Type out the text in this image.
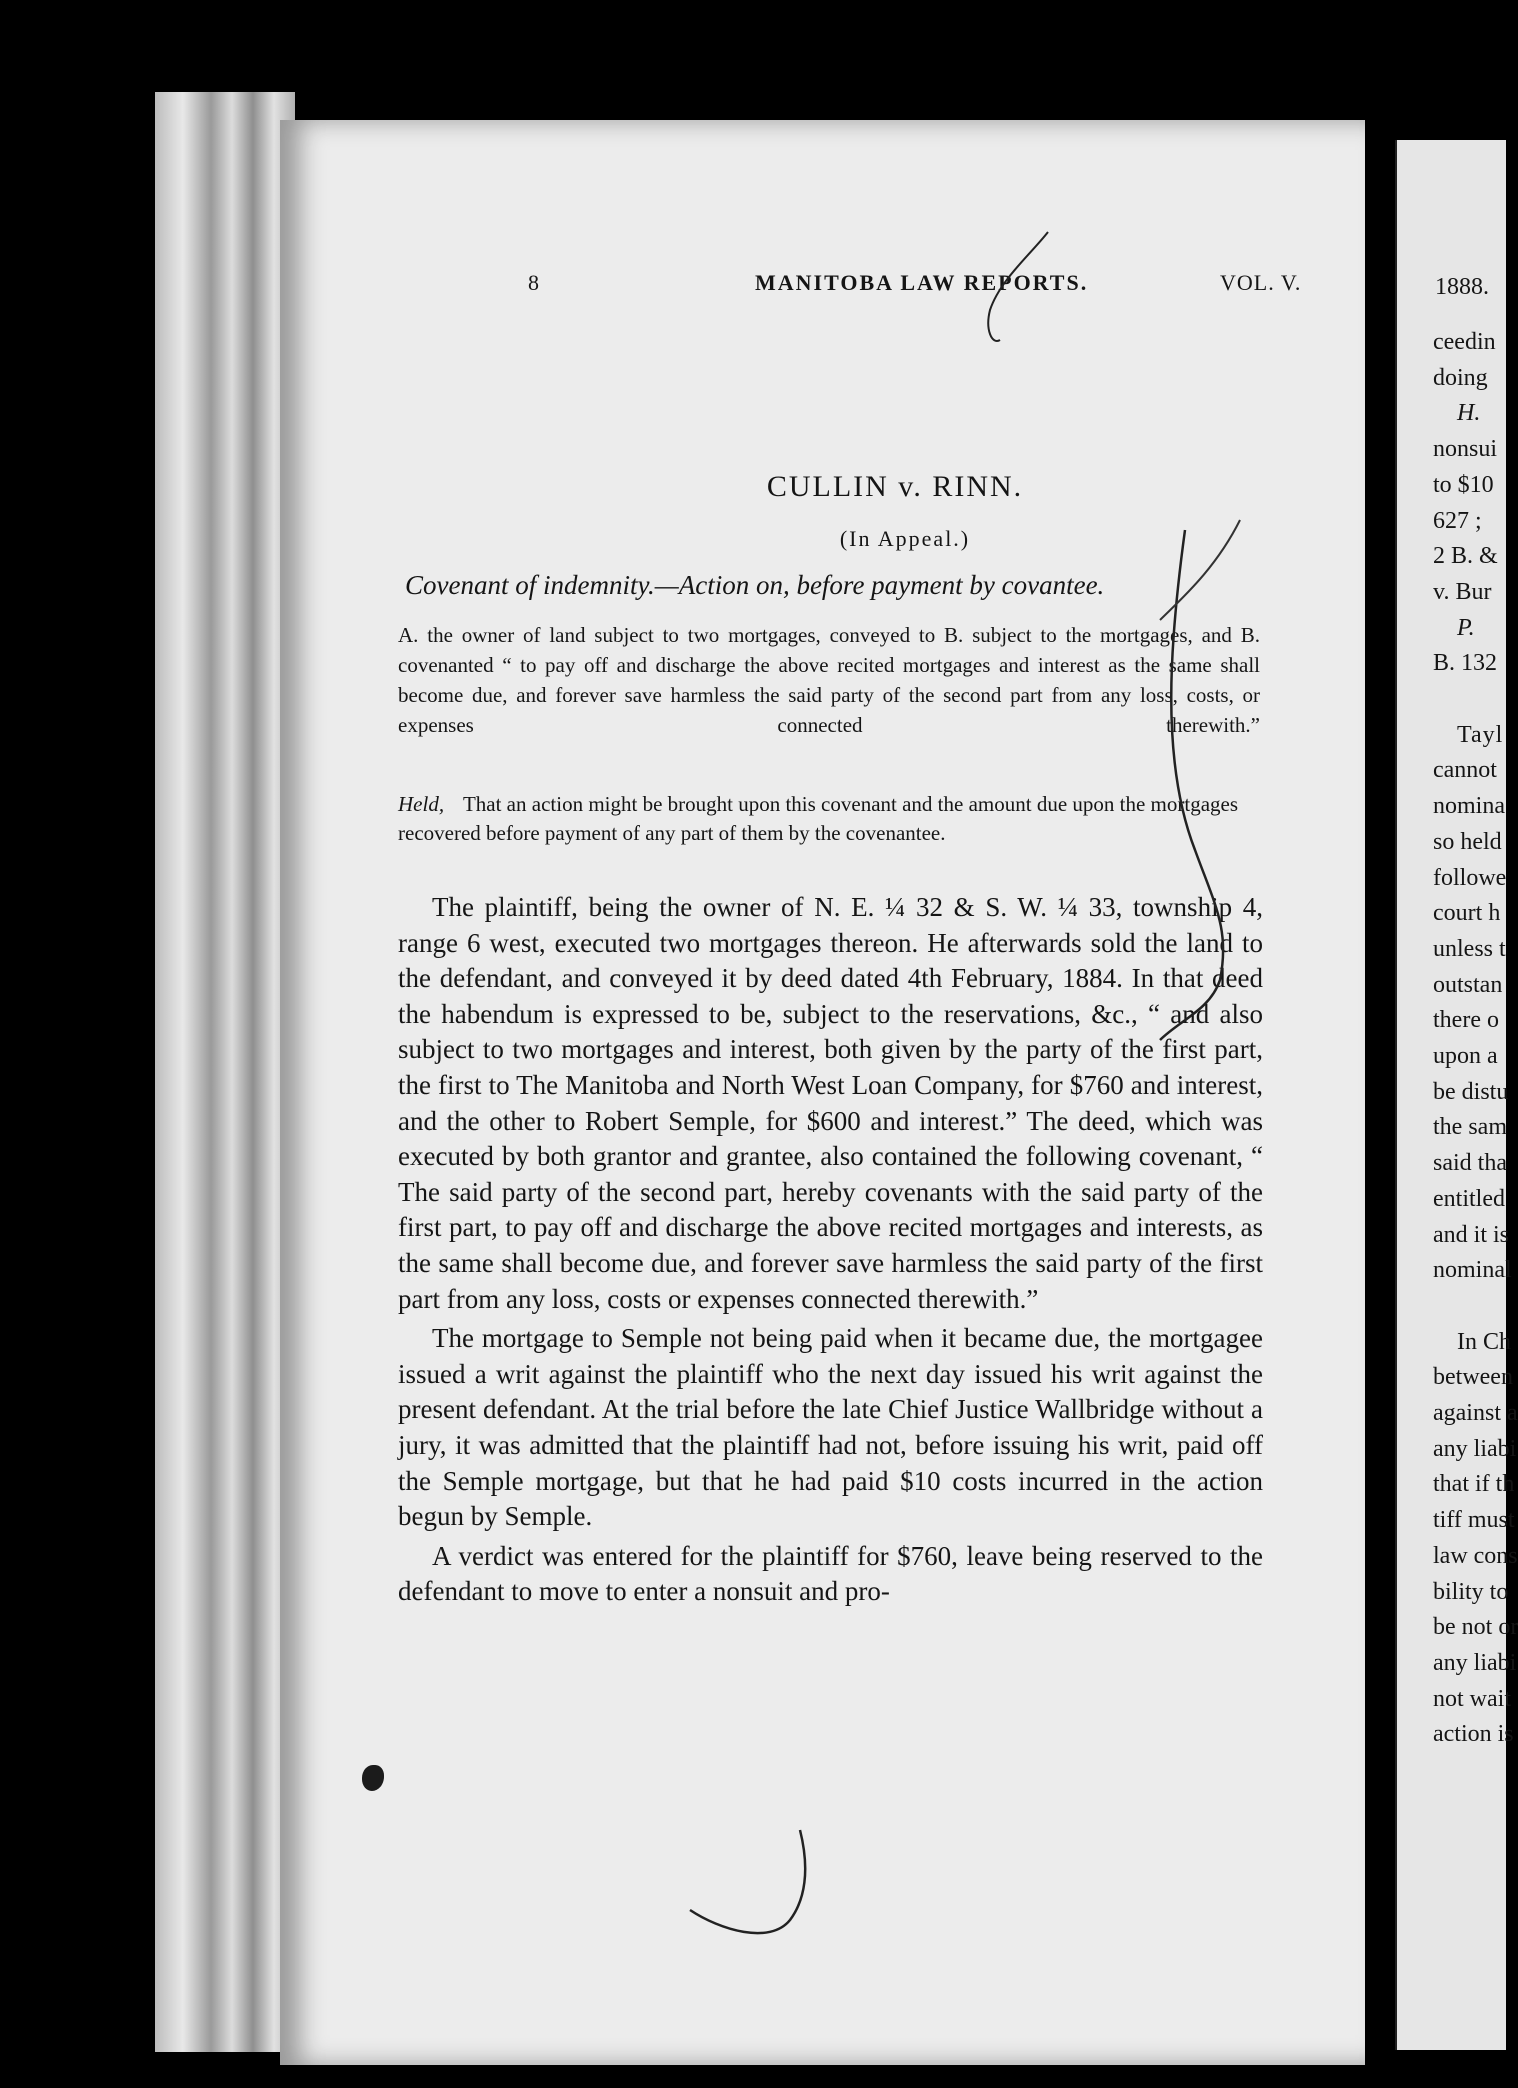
8	MANITOBA LAW REPORTS.	VOL. V.
CULLIN v. RINN.
(In Appeal.)
Covenant of indemnity.—Action on, before payment by covantee.
A. the owner of land subject to two mortgages, conveyed to B. subject to the mortgages, and B. covenanted “ to pay off and discharge the above recited mortgages and interest as the same shall become due, and forever save harmless the said party of the second part from any loss, costs, or expenses connected therewith.”
Held, That an action might be brought upon this covenant and the amount due upon the mortgages recovered before payment of any part of them by the covenantee.

The plaintiff, being the owner of N. E. ¼ 32 & S. W. ¼ 33, township 4, range 6 west, executed two mortgages thereon. He afterwards sold the land to the defendant, and conveyed it by deed dated 4th February, 1884. In that deed the habendum is expressed to be, subject to the reservations, &c., “ and also subject to two mortgages and interest, both given by the party of the first part, the first to The Manitoba and North West Loan Company, for $760 and interest, and the other to Robert Semple, for $600 and interest.” The deed, which was executed by both grantor and grantee, also contained the following covenant, “ The said party of the second part, hereby covenants with the said party of the first part, to pay off and discharge the above recited mortgages and interests, as the same shall become due, and forever save harmless the said party of the first part from any loss, costs or expenses connected therewith.”

The mortgage to Semple not being paid when it became due, the mortgagee issued a writ against the plaintiff who the next day issued his writ against the present defendant. At the trial before the late Chief Justice Wallbridge without a jury, it was admitted that the plaintiff had not, before issuing his writ, paid off the Semple mortgage, but that he had paid $10 costs incurred in the action begun by Semple.

A verdict was entered for the plaintiff for $760, leave being reserved to the defendant to move to enter a nonsuit and pro-

1888.
ceedin
doing
H.
nonsui
to $10
627 ;
2 B. &
v. Bur
P.
B. 132
Tayl
cannot
nomina
so held
followe
court h
unless t
outstan
there o
upon a
be distu
the sam
said tha
entitled
and it is
nominal
In Ch
between
against a
any liabi
that if th
tiff must
law cons
bility to
be not or
any liabi
not wait
action is
